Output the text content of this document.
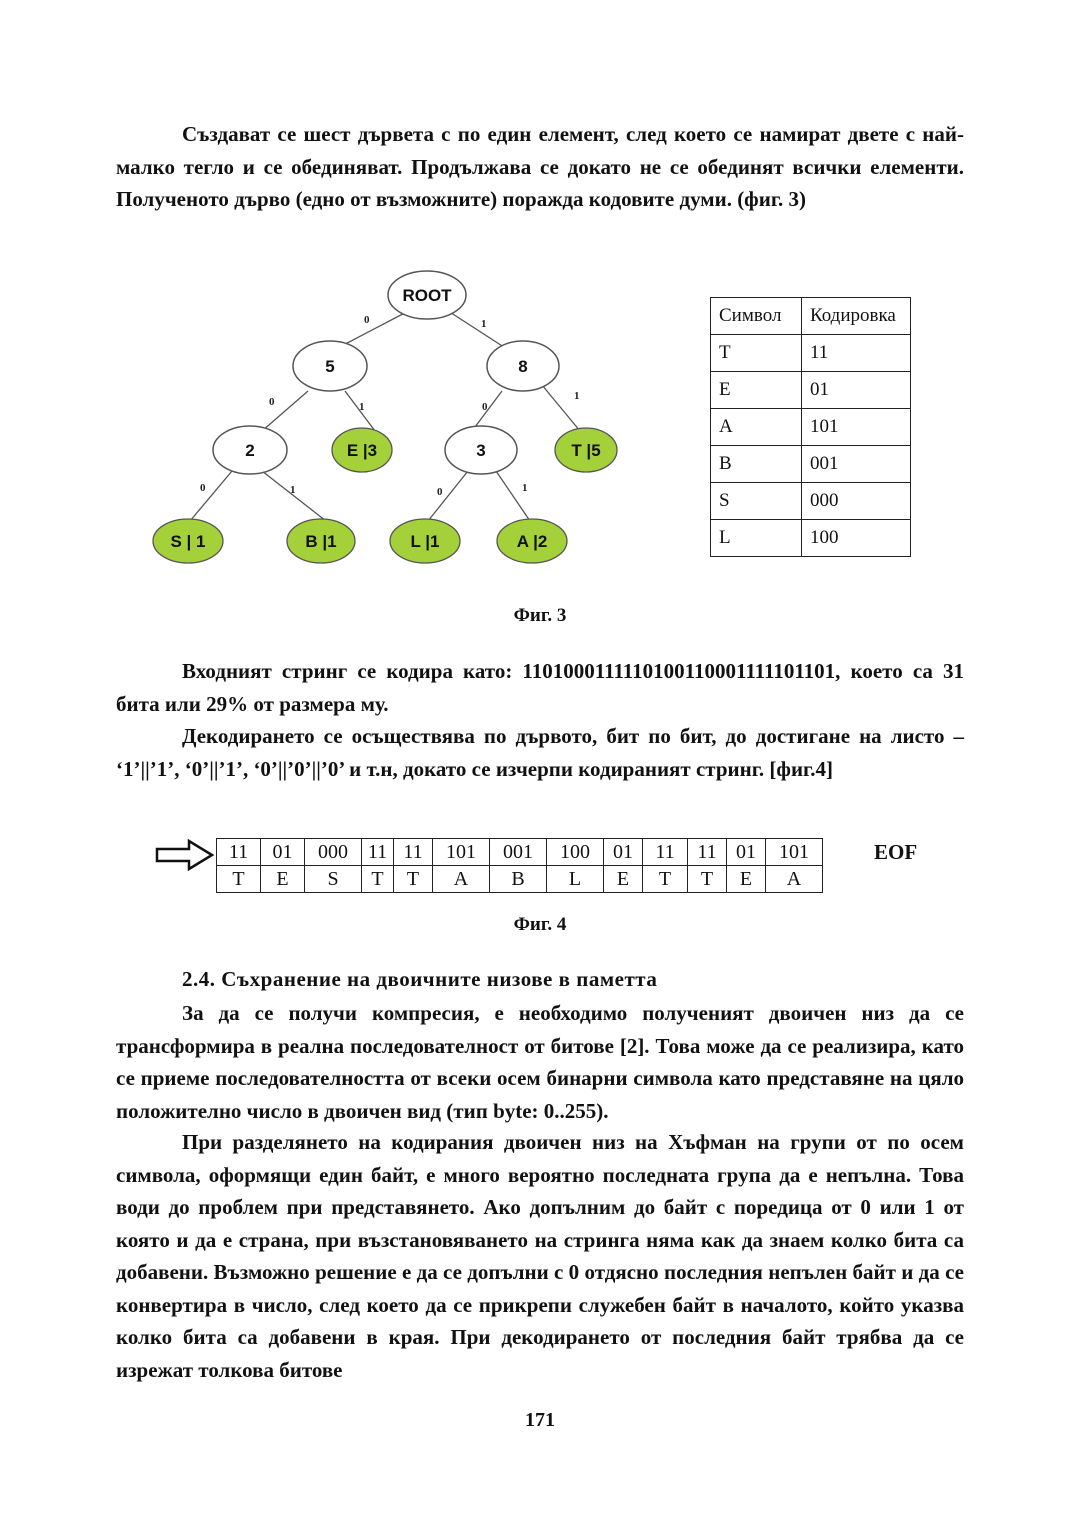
Създават се шест дървета с по един елемент, след което се намират двете с най-малко тегло и се обединяват. Продължава се докато не се обединят всички елементи. Полученото дърво (едно от възможните) поражда кодовите думи. (фиг. 3)

0	1
0	1	0
1
0	1	0	1
ROOT
5	8
2	3
E |3	T |5
S | 1	B |1	L |1	A |2
Символ	Кодировка
T	11
E	01
A	101
B	001
S	000
L	100
Фиг. 3

Входният стринг се кодира като: 1101000111110100110001111101101, което са 31 бита или 29% от размера му.

Декодирането се осъществява по дървото, бит по бит, до достигане на листо – ‘1’||’1’, ‘0’||’1’, ‘0’||’0’||’0’ и т.н, докато се изчерпи кодираният стринг. [фиг.4]

11	01	000	11	11	101	001	100	01	11	11	01	101
T	E	S	T	T	A	B	L	E	T	T	E	A
EOF
Фиг. 4
2.4. Съхранение на двоичните низове в паметта

За да се получи компресия, е необходимо полученият двоичен низ да се трансформира в реална последователност от битове [2]. Това може да се реализира, като се приеме последователността от всеки осем бинарни символа като представяне на цяло положително число в двоичен вид (тип byte: 0..255).

При разделянето на кодирания двоичен низ на Хъфман на групи от по осем символа, оформящи един байт, е много вероятно последната група да е непълна. Това води до проблем при представянето. Ако допълним до байт с поредица от 0 или 1 от която и да е страна, при възстановяването на стринга няма как да знаем колко бита са добавени. Възможно решение е да се допълни с 0 отдясно последния непълен байт и да се конвертира в число, след което да се прикрепи служебен байт в началото, който указва колко бита са добавени в края. При декодирането от последния байт трябва да се изрежат толкова битове

171
